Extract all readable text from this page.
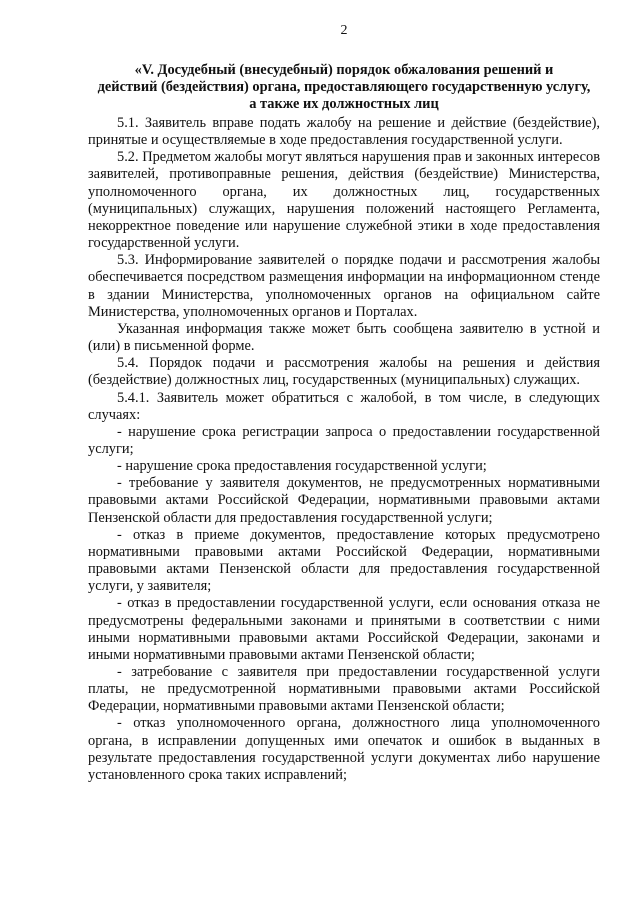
2
«V. Досудебный (внесудебный) порядок обжалования решений и
действий (бездействия) органа, предоставляющего государственную услугу,
а также их должностных лиц

5.1. Заявитель вправе подать жалобу на решение и действие (бездействие), принятые и осуществляемые в ходе предоставления государственной услуги.

5.2. Предметом жалобы могут являться нарушения прав и законных интересов заявителей, противоправные решения, действия (бездействие) Министерства, уполномоченного органа, их должностных лиц, государственных (муниципальных) служащих, нарушения положений настоящего Регламента, некорректное поведение или нарушение служебной этики в ходе предоставления государственной услуги.

5.3. Информирование заявителей о порядке подачи и рассмотрения жалобы обеспечивается посредством размещения информации на информационном стенде в здании Министерства, уполномоченных органов на официальном сайте Министерства, уполномоченных органов и Порталах.

Указанная информация также может быть сообщена заявителю в устной и (или) в письменной форме.

5.4. Порядок подачи и рассмотрения жалобы на решения и действия (бездействие) должностных лиц, государственных (муниципальных) служащих.

5.4.1. Заявитель может обратиться с жалобой, в том числе, в следующих случаях:

- нарушение срока регистрации запроса о предоставлении государственной услуги;

- нарушение срока предоставления государственной услуги;

- требование у заявителя документов, не предусмотренных нормативными правовыми актами Российской Федерации, нормативными правовыми актами Пензенской области для предоставления государственной услуги;

- отказ в приеме документов, предоставление которых предусмотрено нормативными правовыми актами Российской Федерации, нормативными правовыми актами Пензенской области для предоставления государственной услуги, у заявителя;

- отказ в предоставлении государственной услуги, если основания отказа не предусмотрены федеральными законами и принятыми в соответствии с ними иными нормативными правовыми актами Российской Федерации, законами и иными нормативными правовыми актами Пензенской области;

- затребование с заявителя при предоставлении государственной услуги платы, не предусмотренной нормативными правовыми актами Российской Федерации, нормативными правовыми актами Пензенской области;

- отказ уполномоченного органа, должностного лица уполномоченного органа, в исправлении допущенных ими опечаток и ошибок в выданных в результате предоставления государственной услуги документах либо нарушение установленного срока таких исправлений;
